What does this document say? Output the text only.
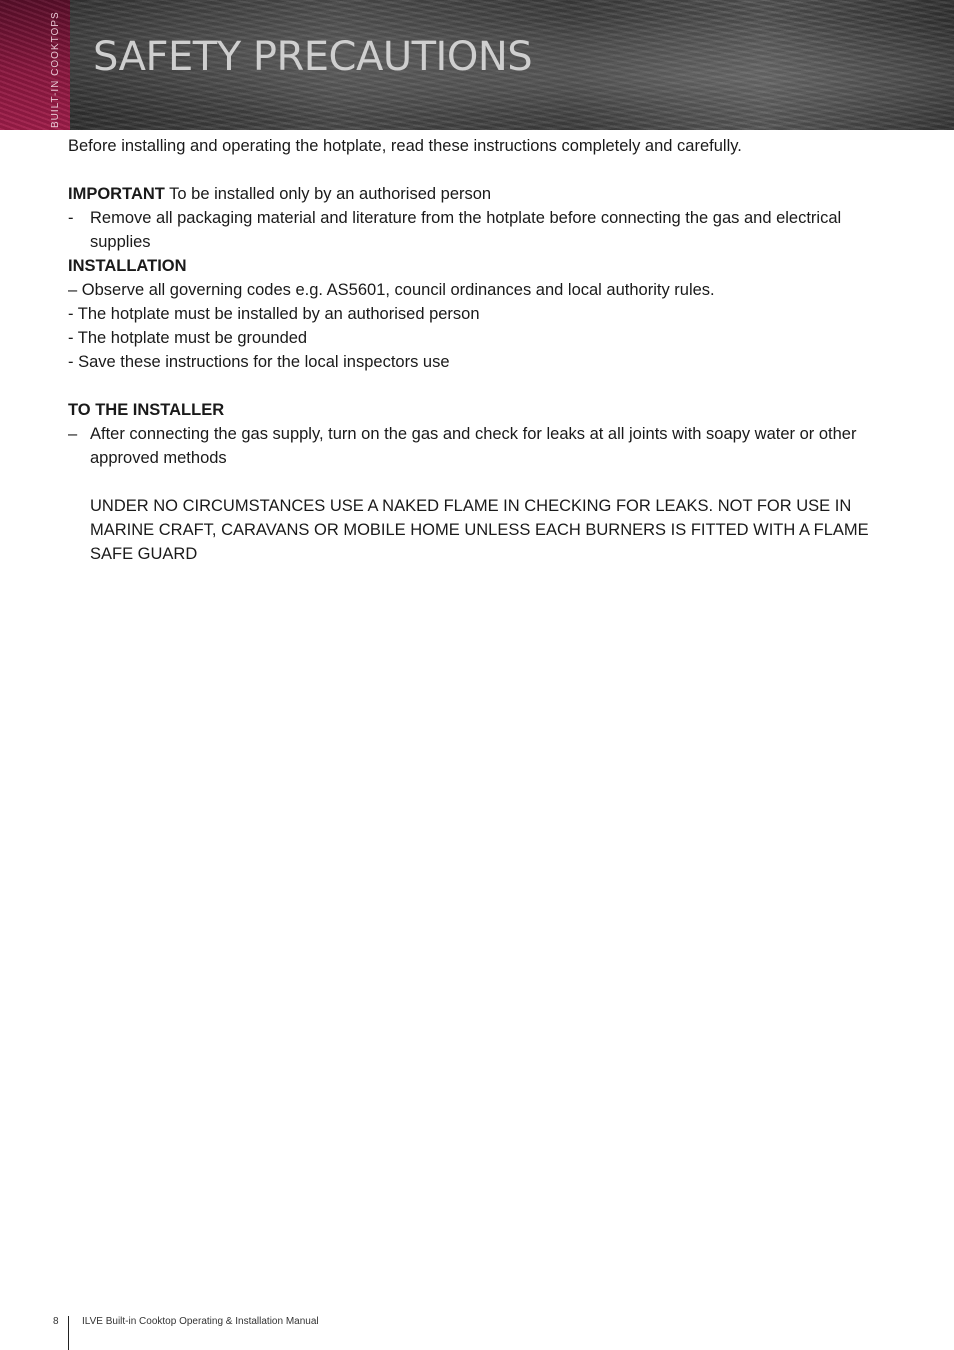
BUILT-IN COOKTOPS SAFETY PRECAUTIONS

Before installing and operating the hotplate, read these instructions completely and carefully.

IMPORTANT To be installed only by an authorised person

-	Remove all packaging material and literature from the hotplate before connecting the gas and electrical supplies

INSTALLATION

– Observe all governing codes e.g. AS5601, council ordinances and local authority rules.

- The hotplate must be installed by an authorised person

- The hotplate must be grounded

- Save these instructions for the local inspectors use

TO THE INSTALLER

– After connecting the gas supply, turn on the gas and check for leaks at all joints with soapy water or other approved methods

UNDER NO CIRCUMSTANCES USE A NAKED FLAME IN CHECKING FOR LEAKS. NOT FOR USE IN MARINE CRAFT, CARAVANS OR MOBILE HOME UNLESS EACH BURNERS IS FITTED WITH A FLAME SAFE GUARD

8 ILVE Built-in Cooktop Operating & Installation Manual
